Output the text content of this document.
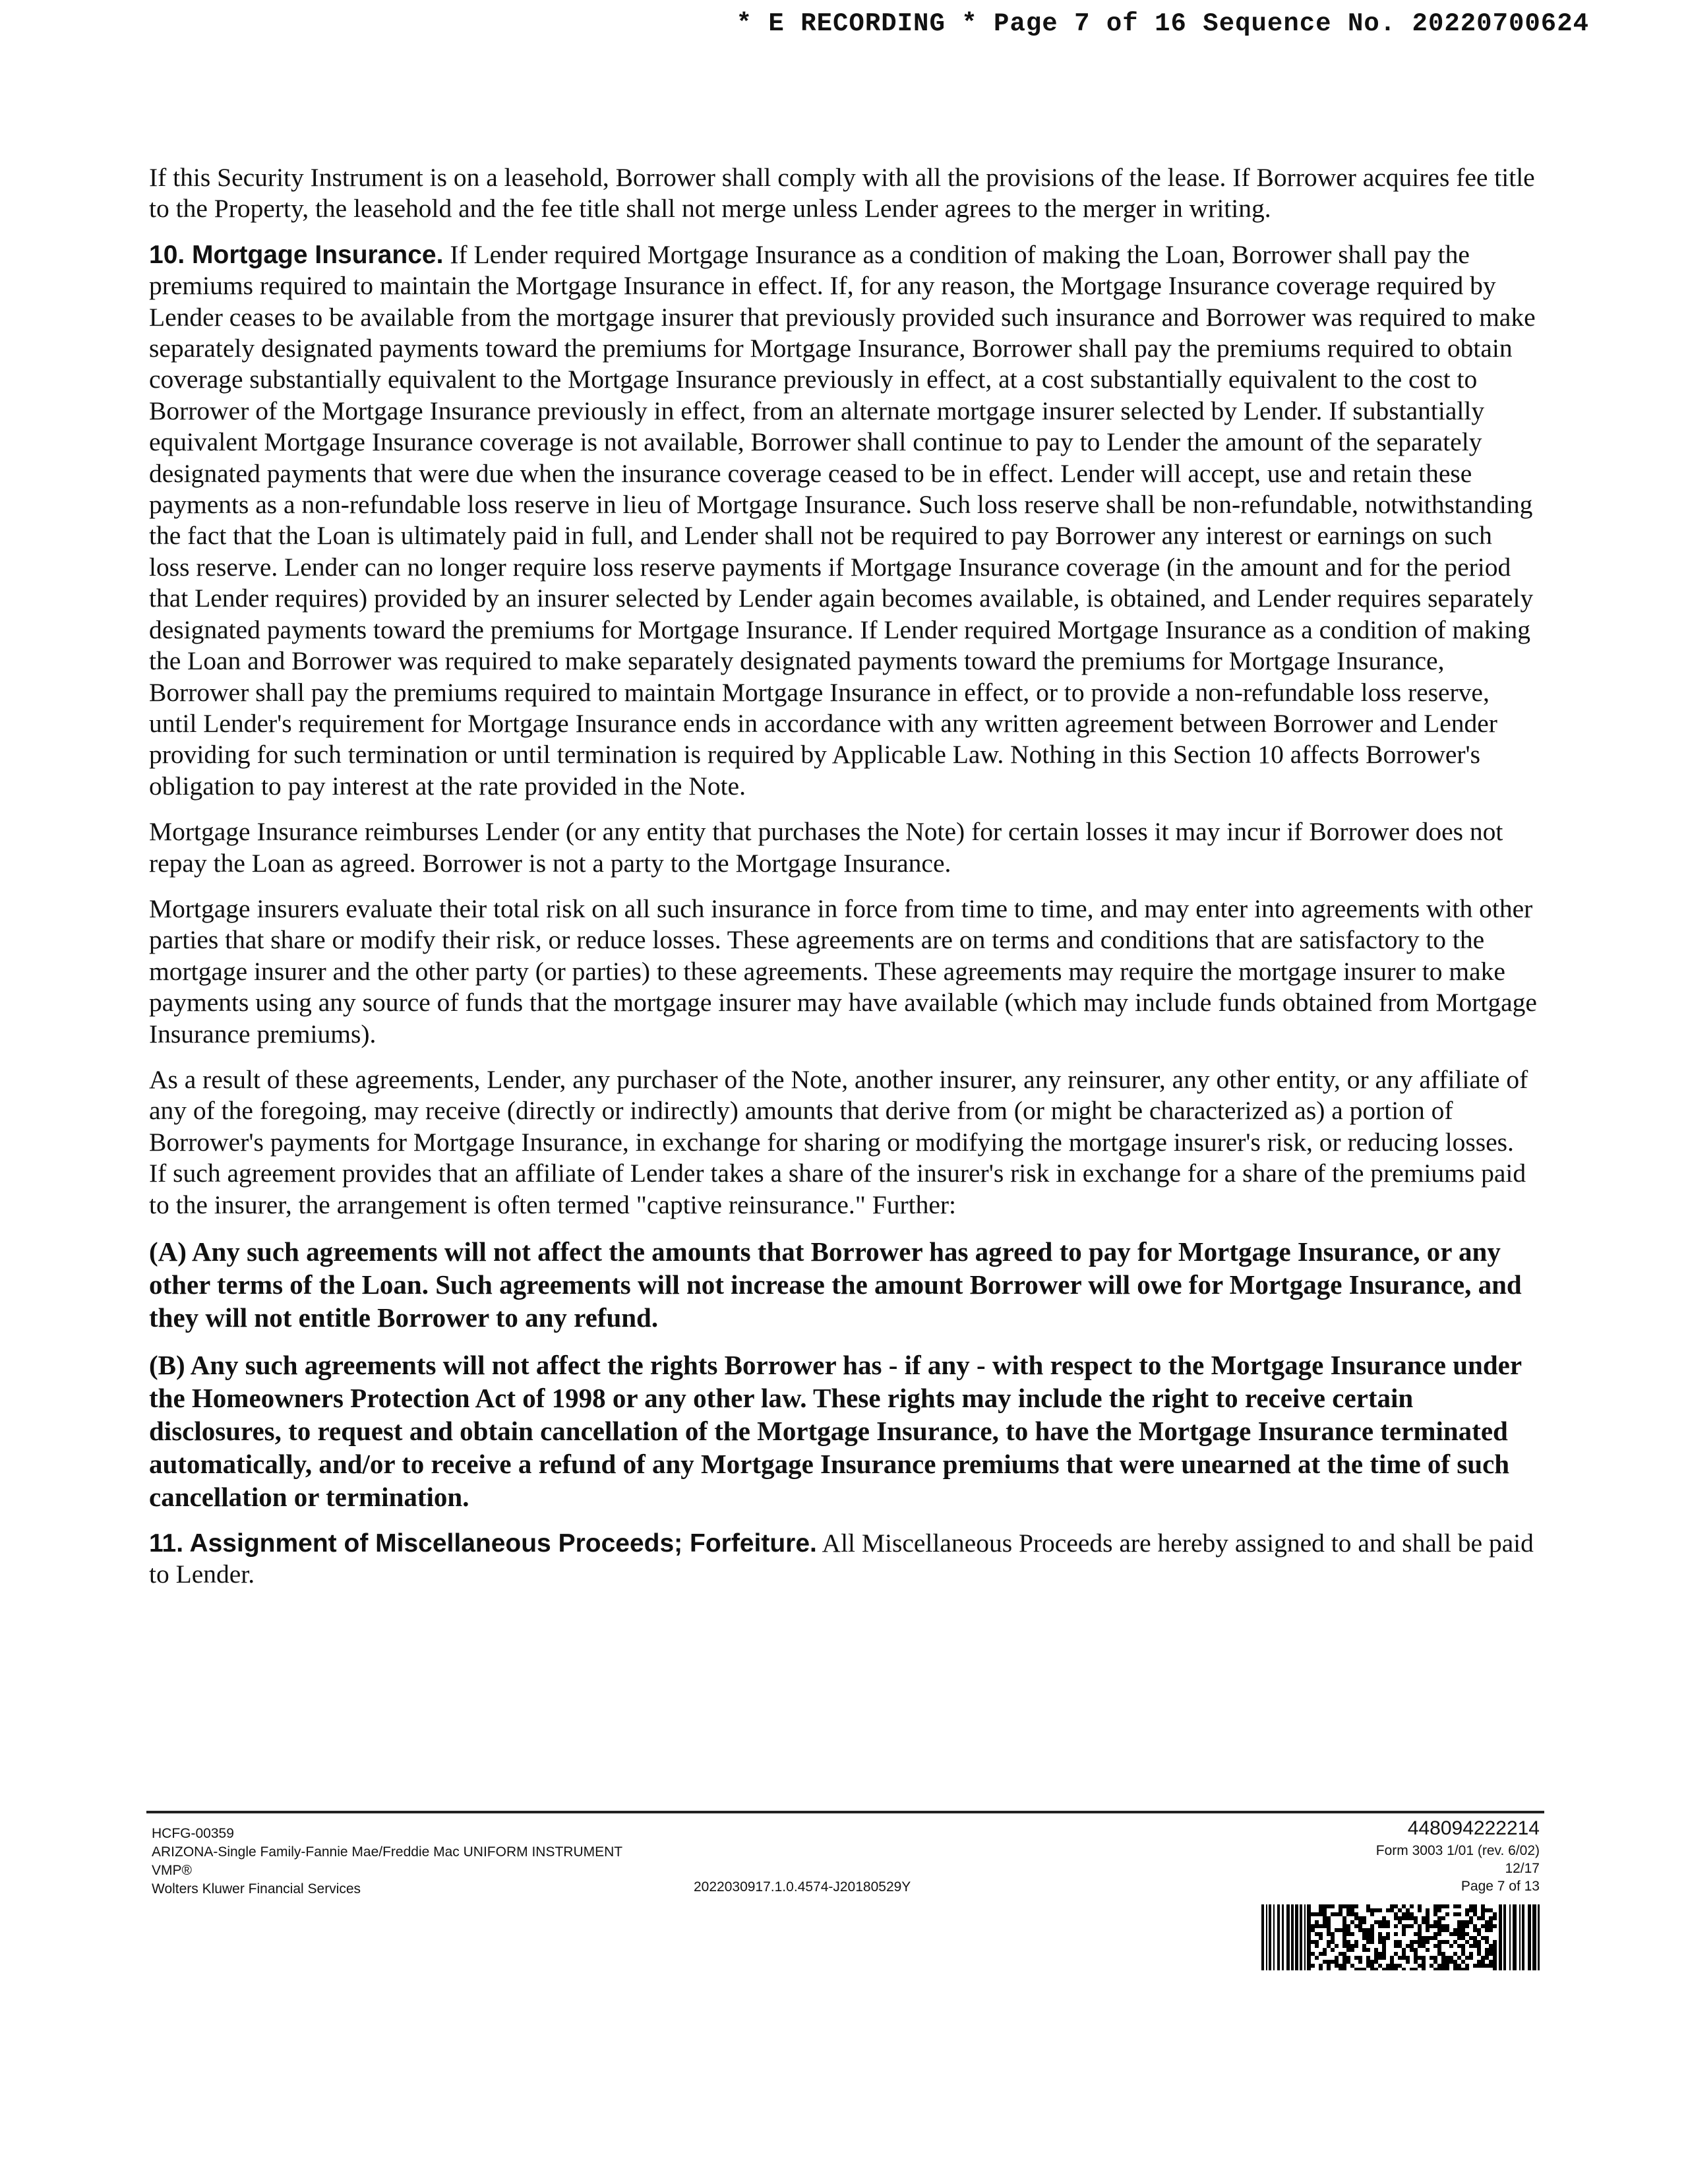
* E RECORDING * Page 7 of 16 Sequence No. 20220700624

If this Security Instrument is on a leasehold, Borrower shall comply with all the provisions of the lease. If Borrower acquires fee title to the Property, the leasehold and the fee title shall not merge unless Lender agrees to the merger in writing.

10. Mortgage Insurance. If Lender required Mortgage Insurance as a condition of making the Loan, Borrower shall pay the premiums required to maintain the Mortgage Insurance in effect. If, for any reason, the Mortgage Insurance coverage required by Lender ceases to be available from the mortgage insurer that previously provided such insurance and Borrower was required to make separately designated payments toward the premiums for Mortgage Insurance, Borrower shall pay the premiums required to obtain coverage substantially equivalent to the Mortgage Insurance previously in effect, at a cost substantially equivalent to the cost to Borrower of the Mortgage Insurance previously in effect, from an alternate mortgage insurer selected by Lender. If substantially equivalent Mortgage Insurance coverage is not available, Borrower shall continue to pay to Lender the amount of the separately designated payments that were due when the insurance coverage ceased to be in effect. Lender will accept, use and retain these payments as a non-refundable loss reserve in lieu of Mortgage Insurance. Such loss reserve shall be non-refundable, notwithstanding the fact that the Loan is ultimately paid in full, and Lender shall not be required to pay Borrower any interest or earnings on such loss reserve. Lender can no longer require loss reserve payments if Mortgage Insurance coverage (in the amount and for the period that Lender requires) provided by an insurer selected by Lender again becomes available, is obtained, and Lender requires separately designated payments toward the premiums for Mortgage Insurance. If Lender required Mortgage Insurance as a condition of making the Loan and Borrower was required to make separately designated payments toward the premiums for Mortgage Insurance, Borrower shall pay the premiums required to maintain Mortgage Insurance in effect, or to provide a non-refundable loss reserve, until Lender's requirement for Mortgage Insurance ends in accordance with any written agreement between Borrower and Lender providing for such termination or until termination is required by Applicable Law. Nothing in this Section 10 affects Borrower's obligation to pay interest at the rate provided in the Note.

Mortgage Insurance reimburses Lender (or any entity that purchases the Note) for certain losses it may incur if Borrower does not repay the Loan as agreed. Borrower is not a party to the Mortgage Insurance.

Mortgage insurers evaluate their total risk on all such insurance in force from time to time, and may enter into agreements with other parties that share or modify their risk, or reduce losses. These agreements are on terms and conditions that are satisfactory to the mortgage insurer and the other party (or parties) to these agreements. These agreements may require the mortgage insurer to make payments using any source of funds that the mortgage insurer may have available (which may include funds obtained from Mortgage Insurance premiums).

As a result of these agreements, Lender, any purchaser of the Note, another insurer, any reinsurer, any other entity, or any affiliate of any of the foregoing, may receive (directly or indirectly) amounts that derive from (or might be characterized as) a portion of Borrower's payments for Mortgage Insurance, in exchange for sharing or modifying the mortgage insurer's risk, or reducing losses. If such agreement provides that an affiliate of Lender takes a share of the insurer's risk in exchange for a share of the premiums paid to the insurer, the arrangement is often termed "captive reinsurance." Further:

(A) Any such agreements will not affect the amounts that Borrower has agreed to pay for Mortgage Insurance, or any other terms of the Loan. Such agreements will not increase the amount Borrower will owe for Mortgage Insurance, and they will not entitle Borrower to any refund.

(B) Any such agreements will not affect the rights Borrower has - if any - with respect to the Mortgage Insurance under the Homeowners Protection Act of 1998 or any other law. These rights may include the right to receive certain disclosures, to request and obtain cancellation of the Mortgage Insurance, to have the Mortgage Insurance terminated automatically, and/or to receive a refund of any Mortgage Insurance premiums that were unearned at the time of such cancellation or termination.

11. Assignment of Miscellaneous Proceeds; Forfeiture. All Miscellaneous Proceeds are hereby assigned to and shall be paid to Lender.

HCFG-00359
ARIZONA-Single Family-Fannie Mae/Freddie Mac UNIFORM INSTRUMENT
VMP®
Wolters Kluwer Financial Services	2022030917.1.0.4574-J20180529Y
448094222214
Form 3003 1/01 (rev. 6/02)
12/17
Page 7 of 13
